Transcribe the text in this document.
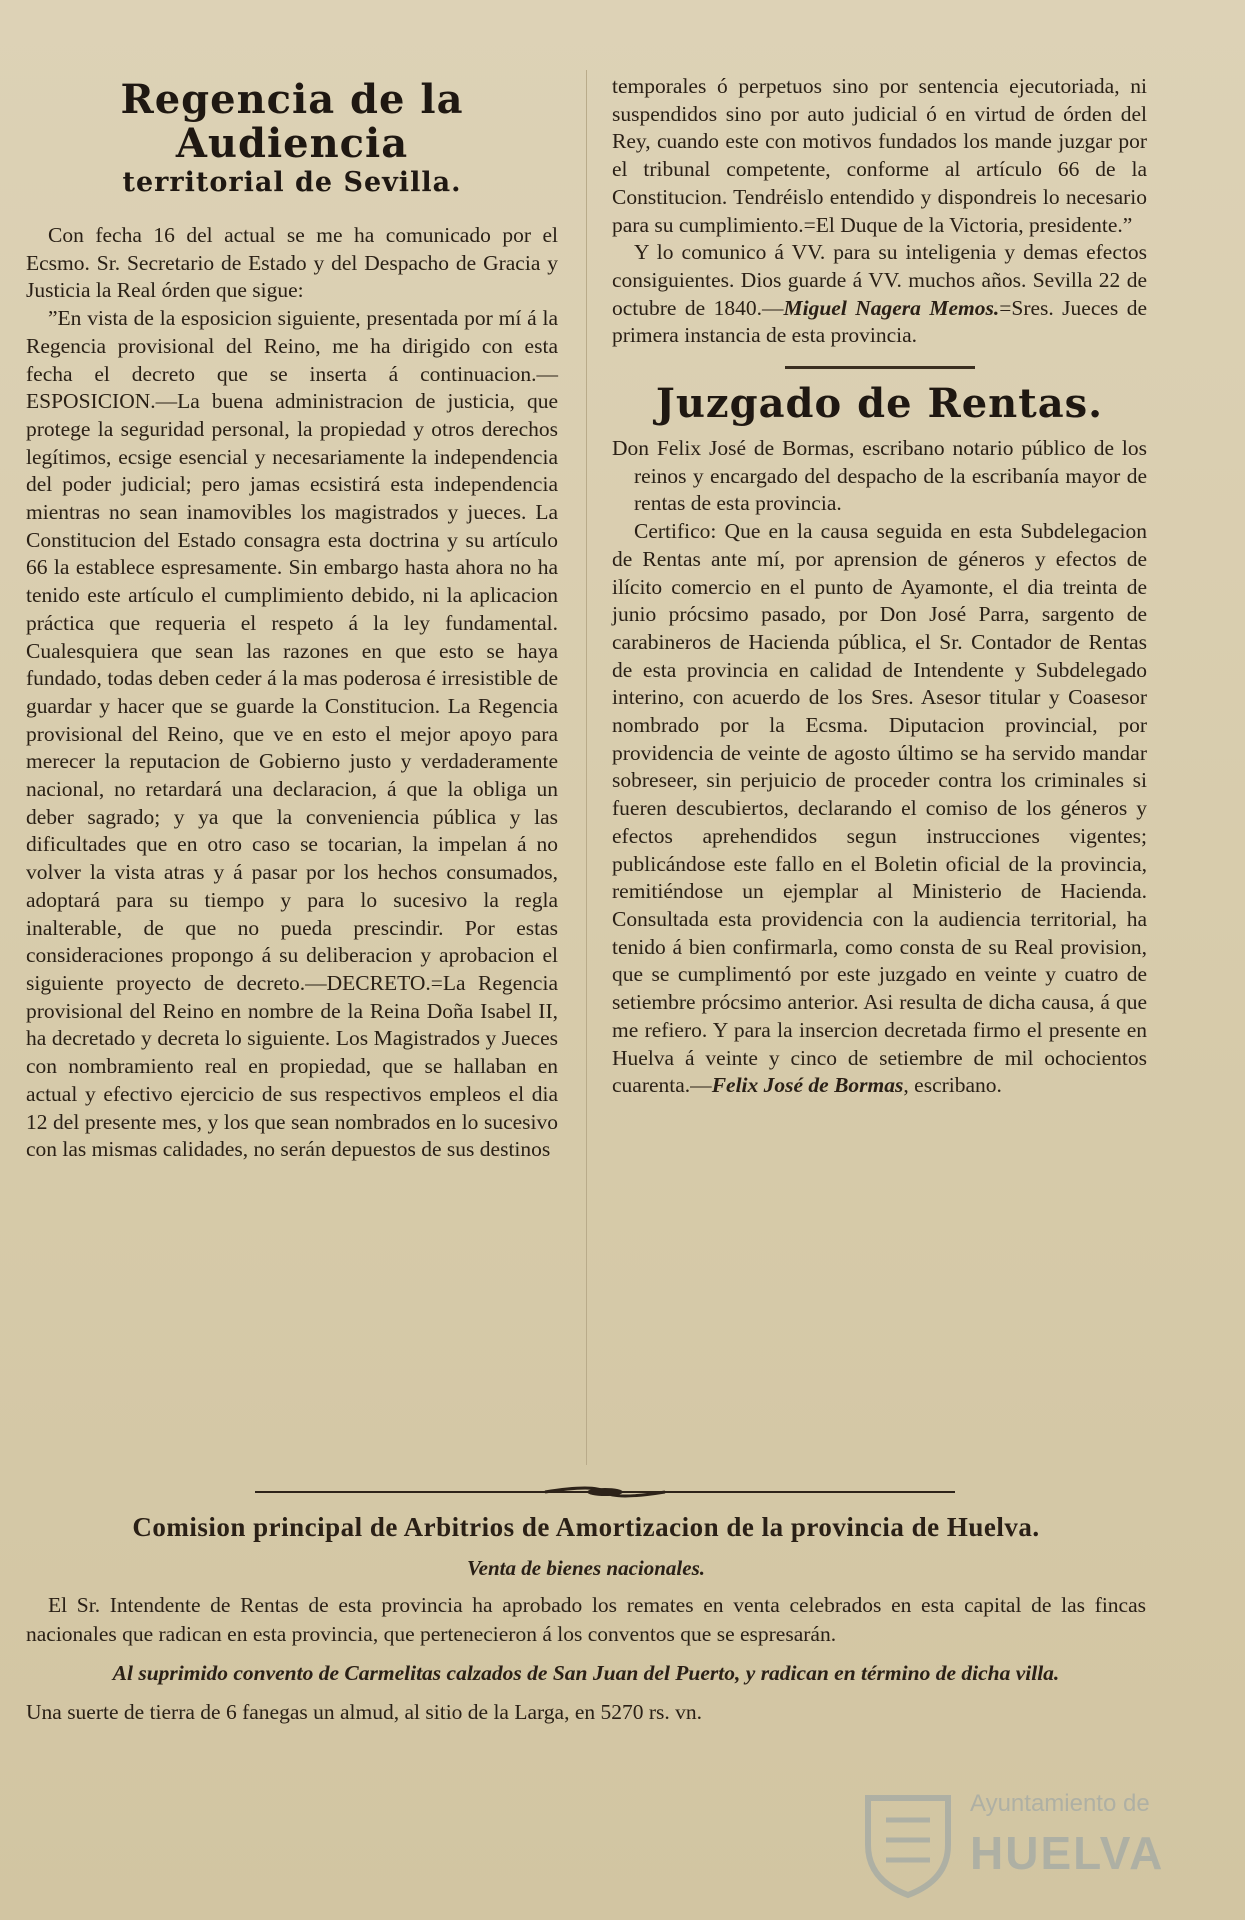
Regencia de la Audiencia
territorial de Sevilla.

Con fecha 16 del actual se me ha comunicado por el Ecsmo. Sr. Secretario de Estado y del Despacho de Gracia y Justicia la Real órden que sigue:

”En vista de la esposicion siguiente, presentada por mí á la Regencia provisional del Reino, me ha dirigido con esta fecha el decreto que se inserta á continuacion.—ESPOSICION.—La buena administracion de justicia, que protege la seguridad personal, la propiedad y otros derechos legítimos, ecsige esencial y necesariamente la independencia del poder judicial; pero jamas ecsistirá esta independencia mientras no sean inamovibles los magistrados y jueces. La Constitucion del Estado consagra esta doctrina y su artículo 66 la establece espresamente. Sin embargo hasta ahora no ha tenido este artículo el cumplimiento debido, ni la aplicacion práctica que requeria el respeto á la ley fundamental. Cualesquiera que sean las razones en que esto se haya fundado, todas deben ceder á la mas poderosa é irresistible de guardar y hacer que se guarde la Constitucion. La Regencia provisional del Reino, que ve en esto el mejor apoyo para merecer la reputacion de Gobierno justo y verdaderamente nacional, no retardará una declaracion, á que la obliga un deber sagrado; y ya que la conveniencia pública y las dificultades que en otro caso se tocarian, la impelan á no volver la vista atras y á pasar por los hechos consumados, adoptará para su tiempo y para lo sucesivo la regla inalterable, de que no pueda prescindir. Por estas consideraciones propongo á su deliberacion y aprobacion el siguiente proyecto de decreto.—DECRETO.=La Regencia provisional del Reino en nombre de la Reina Doña Isabel II, ha decretado y decreta lo siguiente. Los Magistrados y Jueces con nombramiento real en propiedad, que se hallaban en actual y efectivo ejercicio de sus respectivos empleos el dia 12 del presente mes, y los que sean nombrados en lo sucesivo con las mismas calidades, no serán depuestos de sus destinos

temporales ó perpetuos sino por sentencia ejecutoriada, ni suspendidos sino por auto judicial ó en virtud de órden del Rey, cuando este con motivos fundados los mande juzgar por el tribunal competente, conforme al artículo 66 de la Constitucion. Tendréislo entendido y dispondreis lo necesario para su cumplimiento.=El Duque de la Victoria, presidente.”

Y lo comunico á VV. para su inteligenia y demas efectos consiguientes. Dios guarde á VV. muchos años. Sevilla 22 de octubre de 1840.—Miguel Nagera Memos.=Sres. Jueces de primera instancia de esta provincia.

Juzgado de Rentas.

Don Felix José de Bormas, escribano notario público de los reinos y encargado del despacho de la escribanía mayor de rentas de esta provincia.

Certifico: Que en la causa seguida en esta Subdelegacion de Rentas ante mí, por aprension de géneros y efectos de ilícito comercio en el punto de Ayamonte, el dia treinta de junio prócsimo pasado, por Don José Parra, sargento de carabineros de Hacienda pública, el Sr. Contador de Rentas de esta provincia en calidad de Intendente y Subdelegado interino, con acuerdo de los Sres. Asesor titular y Coasesor nombrado por la Ecsma. Diputacion provincial, por providencia de veinte de agosto último se ha servido mandar sobreseer, sin perjuicio de proceder contra los criminales si fueren descubiertos, declarando el comiso de los géneros y efectos aprehendidos segun instrucciones vigentes; publicándose este fallo en el Boletin oficial de la provincia, remitiéndose un ejemplar al Ministerio de Hacienda. Consultada esta providencia con la audiencia territorial, ha tenido á bien confirmarla, como consta de su Real provision, que se cumplimentó por este juzgado en veinte y cuatro de setiembre prócsimo anterior. Asi resulta de dicha causa, á que me refiero. Y para la insercion decretada firmo el presente en Huelva á veinte y cinco de setiembre de mil ochocientos cuarenta.—Felix José de Bormas, escribano.

Comision principal de Arbitrios de Amortizacion de la provincia de Huelva.
Venta de bienes nacionales.

El Sr. Intendente de Rentas de esta provincia ha aprobado los remates en venta celebrados en esta capital de las fincas nacionales que radican en esta provincia, que pertenecieron á los conventos que se espresarán.

Al suprimido convento de Carmelitas calzados de San Juan del Puerto, y radican en término de dicha villa.

Una suerte de tierra de 6 fanegas un almud, al sitio de la Larga, en 5270 rs. vn.

Ayuntamiento de
HUELVA
